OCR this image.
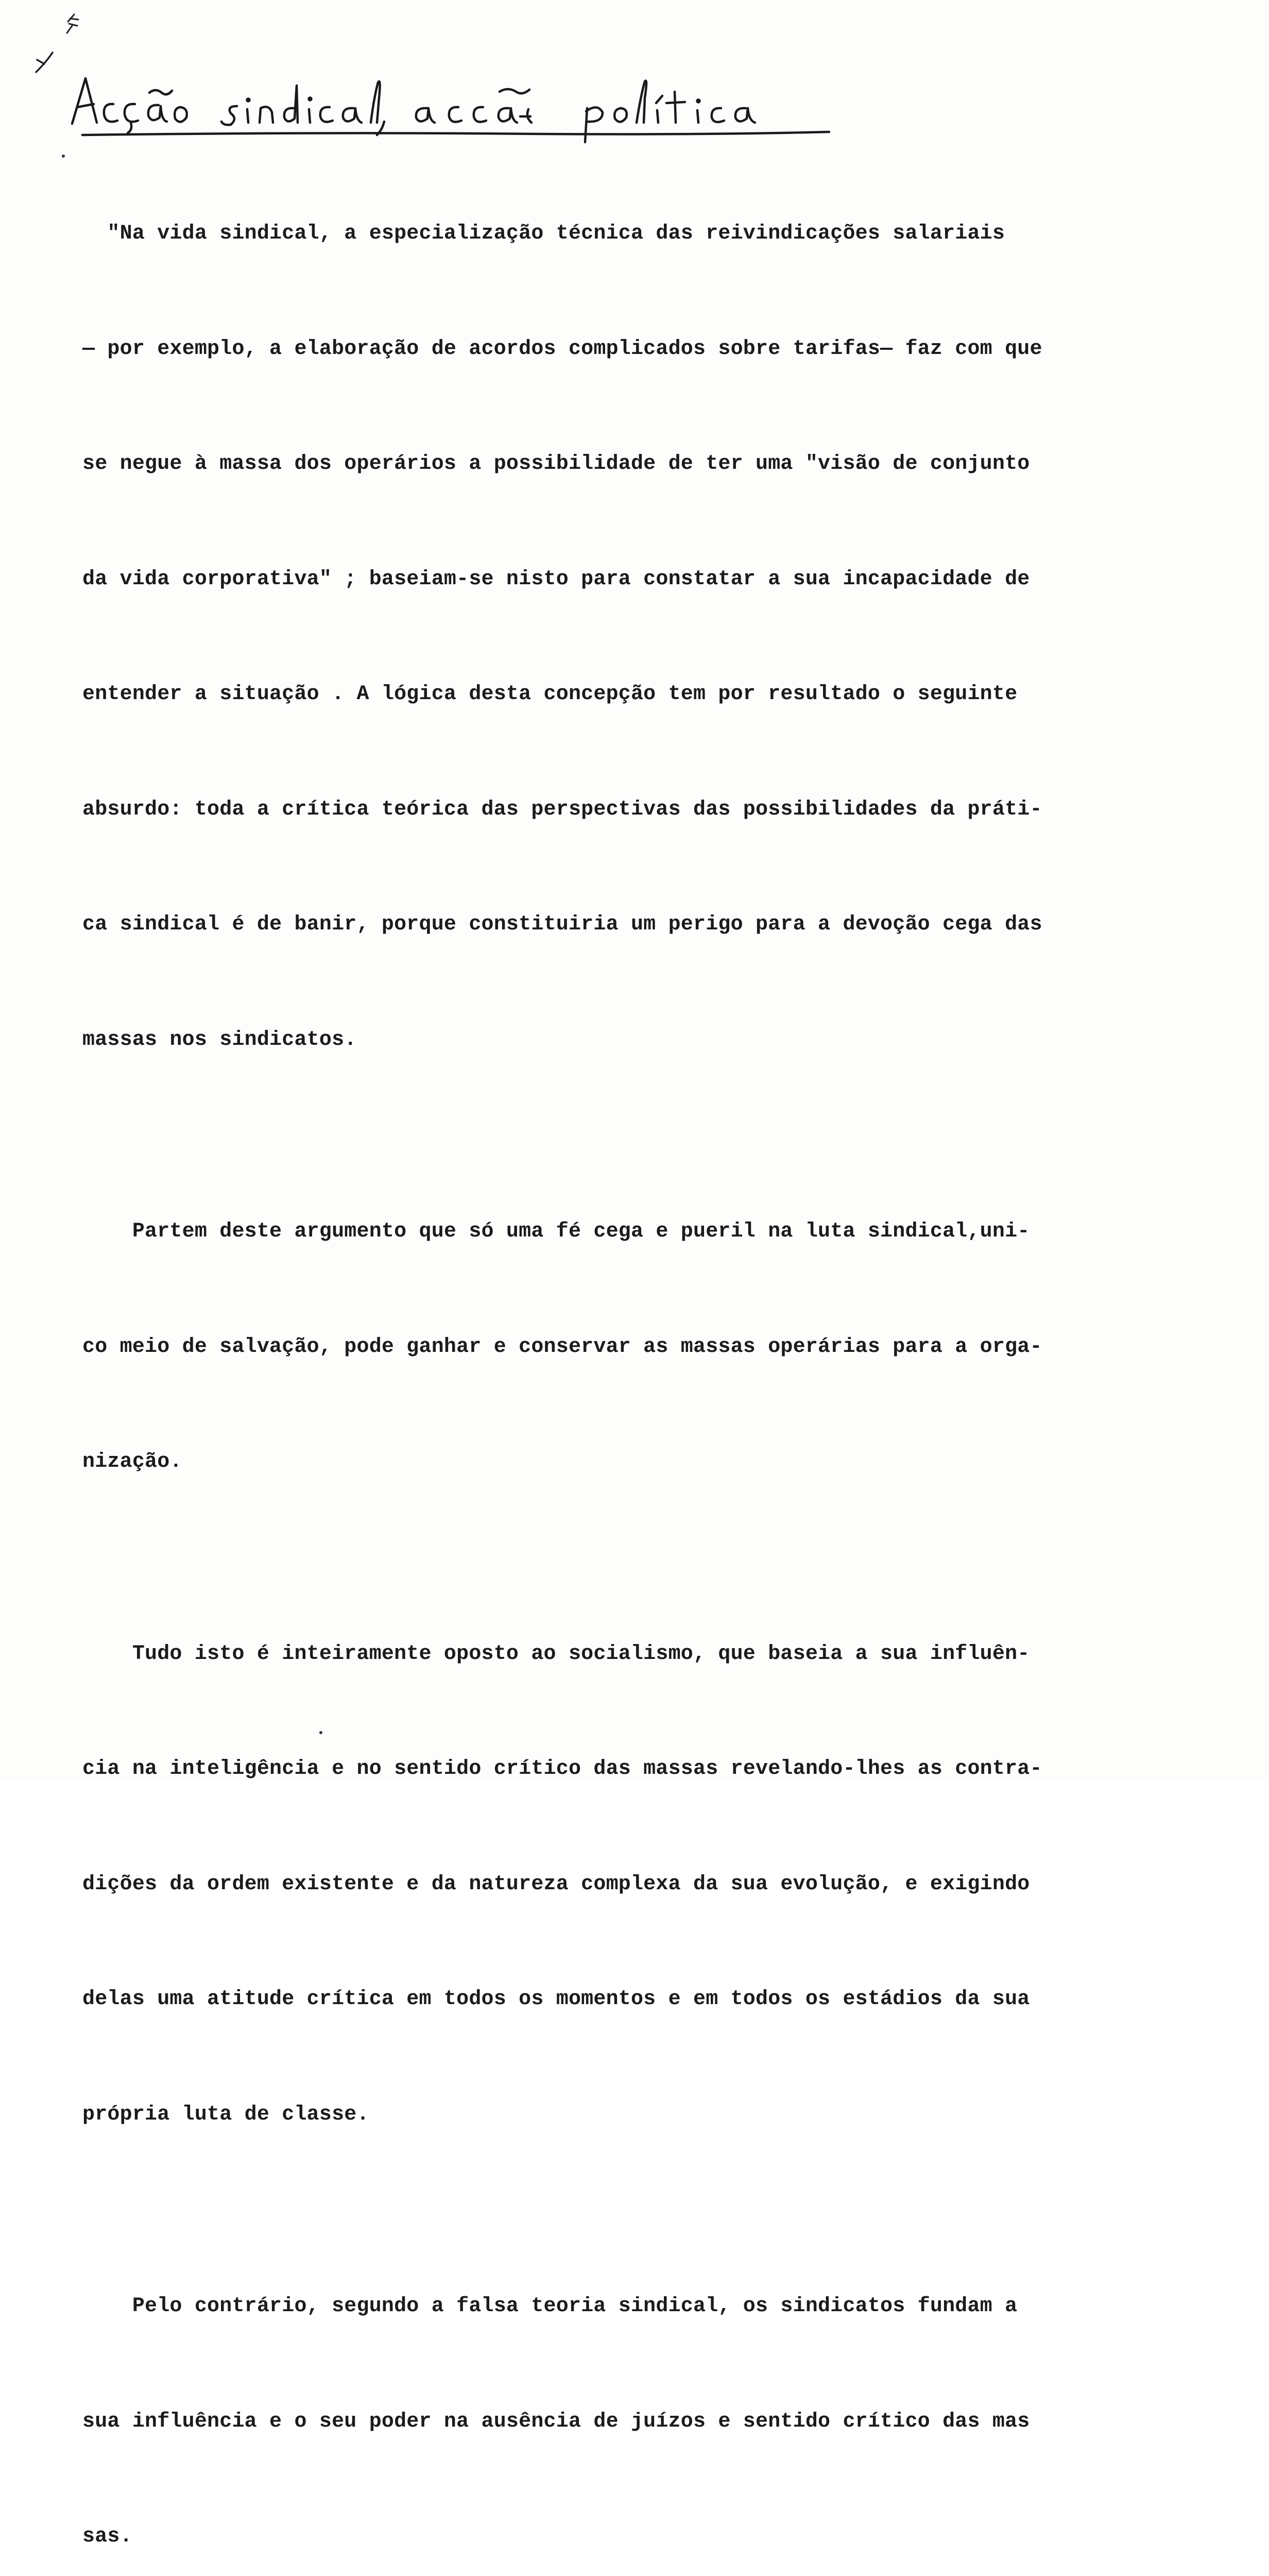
"Na vida sindical, a especialização técnica das reivindicações salariais

— por exemplo, a elaboração de acordos complicados sobre tarifas— faz com que

se negue à massa dos operários a possibilidade de ter uma "visão de conjunto

da vida corporativa" ; baseiam-se nisto para constatar a sua incapacidade de

entender a situação . A lógica desta concepção tem por resultado o seguinte

absurdo: toda a crítica teórica das perspectivas das possibilidades da práti-

ca sindical é de banir, porque constituiria um perigo para a devoção cega das

massas nos sindicatos.

Partem deste argumento que só uma fé cega e pueril na luta sindical,uni-

co meio de salvação, pode ganhar e conservar as massas operárias para a orga-

nização.

Tudo isto é inteiramente oposto ao socialismo, que baseia a sua influên-

cia na inteligência e no sentido crítico das massas revelando-lhes as contra-

dições da ordem existente e da natureza complexa da sua evolução, e exigindo

delas uma atitude crítica em todos os momentos e em todos os estádios da sua

própria luta de classe.

Pelo contrário, segundo a falsa teoria sindical, os sindicatos fundam a

sua influência e o seu poder na ausência de juízos e sentido crítico das mas

sas.
